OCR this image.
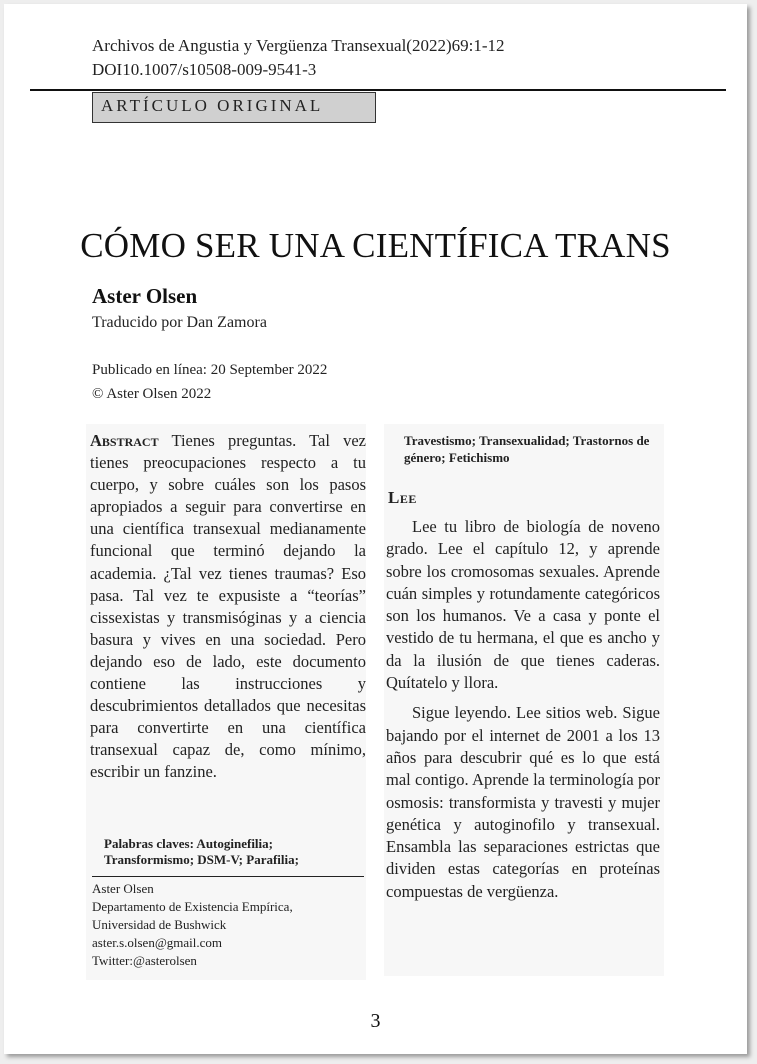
Archivos de Angustia y Vergüenza Transexual(2022)69:1-12
DOI10.1007/s10508-009-9541-3
ARTÍCULO ORIGINAL
CÓMO SER UNA CIENTÍFICA TRANS
Aster Olsen
Traducido por Dan Zamora
Publicado en línea: 20 September 2022
© Aster Olsen 2022

Abstract Tienes preguntas. Tal vez tienes preocupaciones respecto a tu cuerpo, y sobre cuáles son los pasos apropiados a seguir para convertirse en una científica transexual medianamente funcional que terminó dejando la academia. ¿Tal vez tienes traumas? Eso pasa. Tal vez te expusiste a “teorías” cissexistas y transmisóginas y a ciencia basura y vives en una sociedad. Pero dejando eso de lado, este documento contiene las instrucciones y descubrimientos detallados que necesitas para convertirte en una científica transexual capaz de, como mínimo, escribir un fanzine.

Palabras claves: Autoginefilia; Transformismo; DSM-V; Parafilia;
Aster Olsen
Departamento de Existencia Empírica,
Universidad de Bushwick
aster.s.olsen@gmail.com
Twitter:@asterolsen
Travestismo; Transexualidad; Trastornos de género; Fetichismo
Lee

Lee tu libro de biología de noveno grado. Lee el capítulo 12, y aprende sobre los cromosomas sexuales. Aprende cuán simples y rotundamente categóricos son los humanos. Ve a casa y ponte el vestido de tu hermana, el que es ancho y da la ilusión de que tienes caderas. Quítatelo y llora.

Sigue leyendo. Lee sitios web. Sigue bajando por el internet de 2001 a los 13 años para descubrir qué es lo que está mal contigo. Aprende la terminología por osmosis: transformista y travesti y mujer genética y autoginofilo y transexual. Ensambla las separaciones estrictas que dividen estas categorías en proteínas compuestas de vergüenza.

3
